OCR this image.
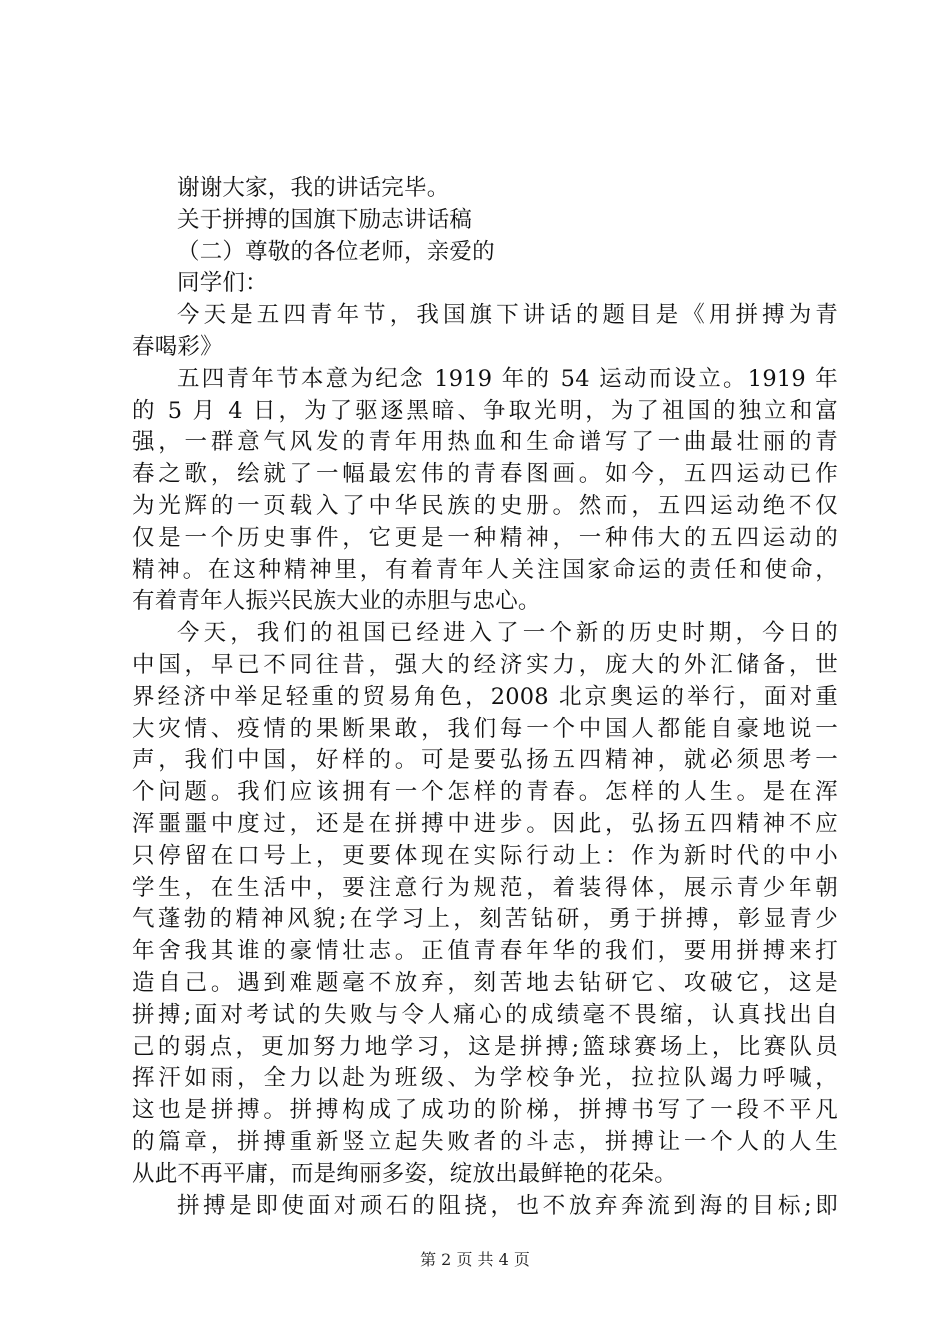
谢谢大家，我的讲话完毕。
关于拼搏的国旗下励志讲话稿
（二）尊敬的各位老师，亲爱的
同学们：
今天是五四青年节，我国旗下讲话的题目是《用拼搏为青
春喝彩》
五四青年节本意为纪念 1919 年的 54 运动而设立。1919 年
的 5 月 4 日，为了驱逐黑暗、争取光明，为了祖国的独立和富
强，一群意气风发的青年用热血和生命谱写了一曲最壮丽的青
春之歌，绘就了一幅最宏伟的青春图画。如今，五四运动已作
为光辉的一页载入了中华民族的史册。然而，五四运动绝不仅
仅是一个历史事件，它更是一种精神，一种伟大的五四运动的
精神。在这种精神里，有着青年人关注国家命运的责任和使命，
有着青年人振兴民族大业的赤胆与忠心。
今天，我们的祖国已经进入了一个新的历史时期，今日的
中国，早已不同往昔，强大的经济实力，庞大的外汇储备，世
界经济中举足轻重的贸易角色，2008 北京奥运的举行，面对重
大灾情、疫情的果断果敢，我们每一个中国人都能自豪地说一
声，我们中国，好样的。可是要弘扬五四精神，就必须思考一
个问题。我们应该拥有一个怎样的青春。怎样的人生。是在浑
浑噩噩中度过，还是在拼搏中进步。因此，弘扬五四精神不应
只停留在口号上，更要体现在实际行动上：作为新时代的中小
学生，在生活中，要注意行为规范，着装得体，展示青少年朝
气蓬勃的精神风貌;在学习上，刻苦钻研，勇于拼搏，彰显青少
年舍我其谁的豪情壮志。正值青春年华的我们，要用拼搏来打
造自己。遇到难题毫不放弃，刻苦地去钻研它、攻破它，这是
拼搏;面对考试的失败与令人痛心的成绩毫不畏缩，认真找出自
己的弱点，更加努力地学习，这是拼搏;篮球赛场上，比赛队员
挥汗如雨，全力以赴为班级、为学校争光，拉拉队竭力呼喊，
这也是拼搏。拼搏构成了成功的阶梯，拼搏书写了一段不平凡
的篇章，拼搏重新竖立起失败者的斗志，拼搏让一个人的人生
从此不再平庸，而是绚丽多姿，绽放出最鲜艳的花朵。
拼搏是即使面对顽石的阻挠，也不放弃奔流到海的目标;即
第 2 页 共 4 页
